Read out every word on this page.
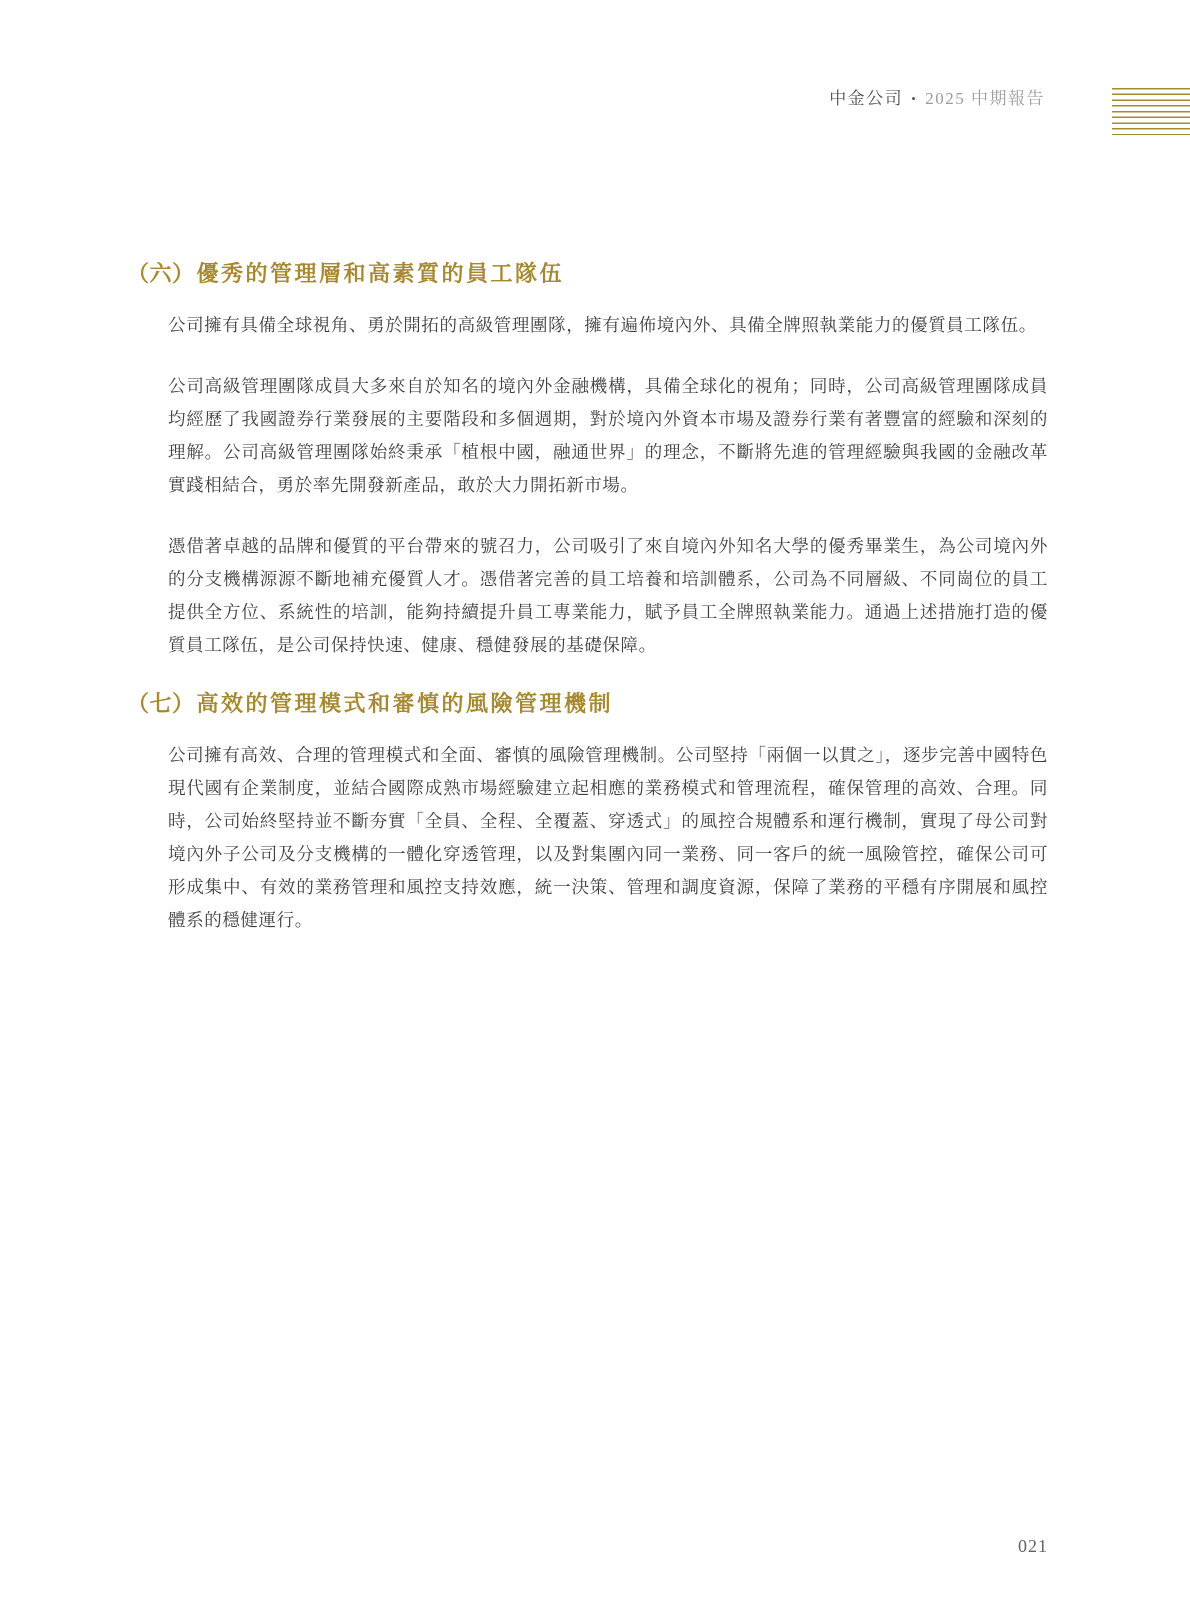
中金公司 • 2025 中期報告
（六）優秀的管理層和高素質的員工隊伍

公司擁有具備全球視角、勇於開拓的高級管理團隊，擁有遍佈境內外、具備全牌照執業能力的優質員工隊伍。

公司高級管理團隊成員大多來自於知名的境內外金融機構，具備全球化的視角；同時，公司高級管理團隊成員均經歷了我國證券行業發展的主要階段和多個週期，對於境內外資本市場及證券行業有著豐富的經驗和深刻的理解。公司高級管理團隊始終秉承「植根中國，融通世界」的理念，不斷將先進的管理經驗與我國的金融改革實踐相結合，勇於率先開發新產品，敢於大力開拓新市場。

憑借著卓越的品牌和優質的平台帶來的號召力，公司吸引了來自境內外知名大學的優秀畢業生，為公司境內外的分支機構源源不斷地補充優質人才。憑借著完善的員工培養和培訓體系，公司為不同層級、不同崗位的員工提供全方位、系統性的培訓，能夠持續提升員工專業能力，賦予員工全牌照執業能力。通過上述措施打造的優質員工隊伍，是公司保持快速、健康、穩健發展的基礎保障。

（七）高效的管理模式和審慎的風險管理機制

公司擁有高效、合理的管理模式和全面、審慎的風險管理機制。公司堅持「兩個一以貫之」，逐步完善中國特色現代國有企業制度，並結合國際成熟市場經驗建立起相應的業務模式和管理流程，確保管理的高效、合理。同時，公司始終堅持並不斷夯實「全員、全程、全覆蓋、穿透式」的風控合規體系和運行機制，實現了母公司對境內外子公司及分支機構的一體化穿透管理，以及對集團內同一業務、同一客戶的統一風險管控，確保公司可形成集中、有效的業務管理和風控支持效應，統一決策、管理和調度資源，保障了業務的平穩有序開展和風控體系的穩健運行。

021
